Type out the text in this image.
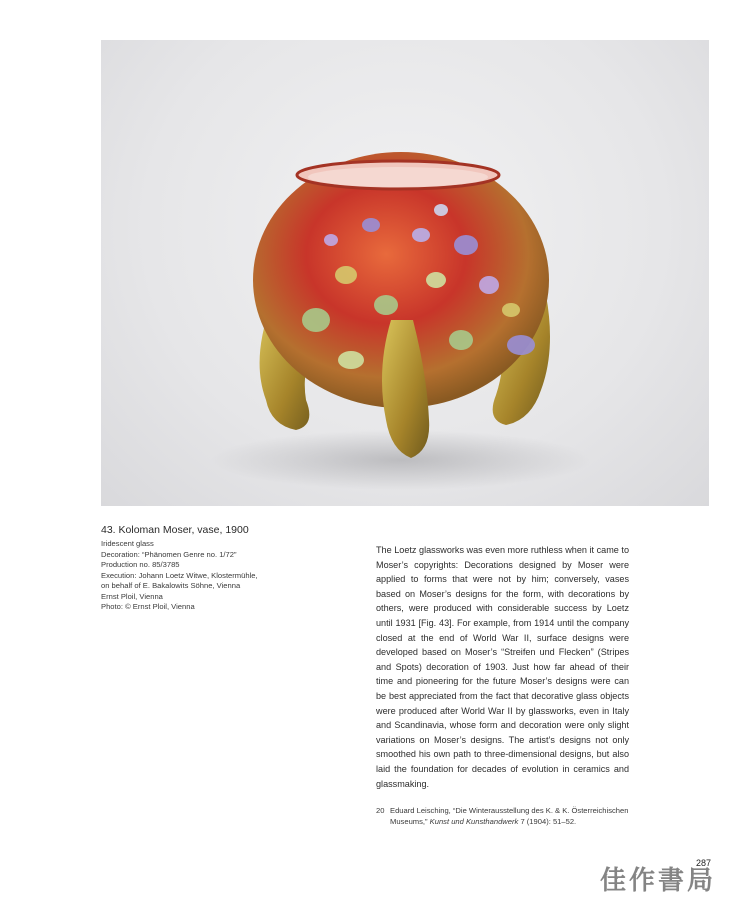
43. Koloman Moser, vase, 1900
Iridescent glass
Decoration: “Phänomen Genre no. 1/72”
Production no. 85/3785
Execution: Johann Loetz Witwe, Klostermühle,
on behalf of E. Bakalowits Söhne, Vienna
Ernst Ploil, Vienna
Photo: © Ernst Ploil, Vienna

The Loetz glassworks was even more ruthless when it came to Moser’s copyrights: Decorations designed by Moser were applied to forms that were not by him; conversely, vases based on Moser’s designs for the form, with decorations by others, were produced with considerable success by Loetz until 1931 [Fig. 43]. For example, from 1914 until the company closed at the end of World War II, surface designs were developed based on Moser’s “Streifen und Flecken” (Stripes and Spots) decoration of 1903. Just how far ahead of their time and pioneering for the future Moser’s designs were can be best appreciated from the fact that decorative glass objects were produced after World War II by glassworks, even in Italy and Scandinavia, whose form and decoration were only slight variations on Moser’s designs. The artist’s designs not only smoothed his own path to three-dimensional designs, but also laid the foundation for decades of evolution in ceramics and glassmaking.

20 Eduard Leisching, “Die Winterausstellung des K. & K. Österreichischen Museums,” Kunst und Kunsthandwerk 7 (1904): 51–52.
佳作書局
287
